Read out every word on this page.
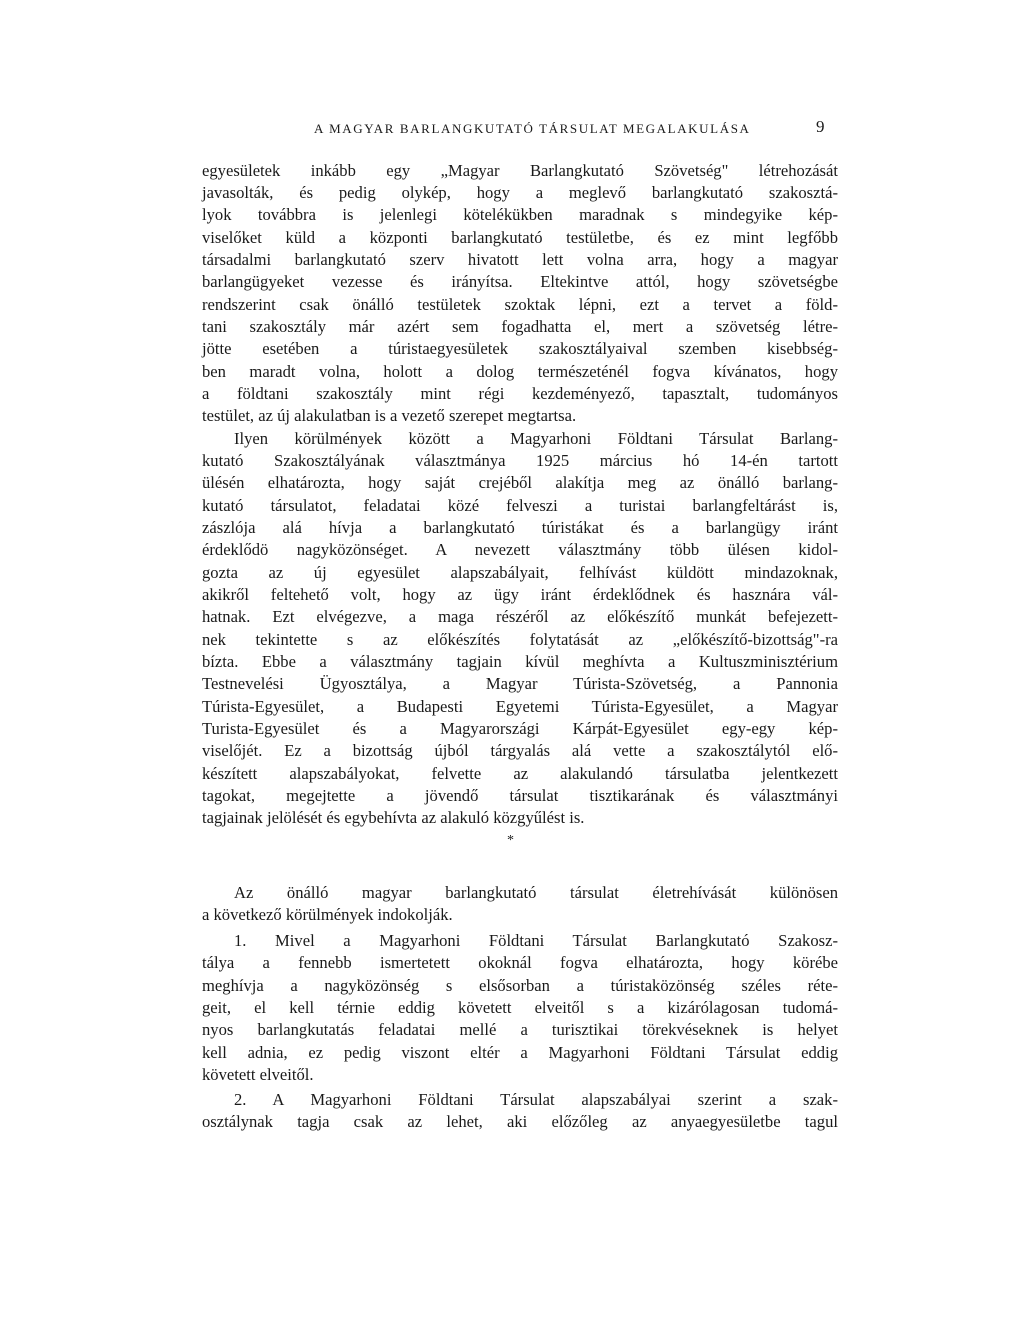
A MAGYAR BARLANGKUTATÓ TÁRSULAT MEGALAKULÁSA	9
egyesületek inkább egy „Magyar Barlangkutató Szövetség" létrehozását
javasolták, és pedig olykép, hogy a meglevő barlangkutató szakosztá-
lyok továbbra is jelenlegi kötelékükben maradnak s mindegyike kép-
viselőket küld a központi barlangkutató testületbe, és ez mint legfőbb
társadalmi barlangkutató szerv hivatott lett volna arra, hogy a magyar
barlangügyeket vezesse és irányítsa. Eltekintve attól, hogy szövetségbe
rendszerint csak önálló testületek szoktak lépni, ezt a tervet a föld-
tani szakosztály már azért sem fogadhatta el, mert a szövetség létre-
jötte esetében a túristaegyesületek szakosztályaival szemben kisebbség-
ben maradt volna, holott a dolog természeténél fogva kívánatos, hogy
a földtani szakosztály mint régi kezdeményező, tapasztalt, tudományos
testület, az új alakulatban is a vezető szerepet megtartsa.
Ilyen körülmények között a Magyarhoni Földtani Társulat Barlang-
kutató Szakosztályának választmánya 1925 március hó 14-én tartott
ülésén elhatározta, hogy saját crejéből alakítja meg az önálló barlang-
kutató társulatot, feladatai közé felveszi a turistai barlangfeltárást is,
zászlója alá hívja a barlangkutató túristákat és a barlangügy iránt
érdeklődö nagyközönséget. A nevezett választmány több ülésen kidol-
gozta az új egyesület alapszabályait, felhívást küldött mindazoknak,
akikről feltehető volt, hogy az ügy iránt érdeklődnek és hasznára vál-
hatnak. Ezt elvégezve, a maga részéről az előkészítő munkát befejezett-
nek tekintette s az előkészítés folytatását az „előkészítő-bizottság"-ra
bízta. Ebbe a választmány tagjain kívül meghívta a Kultuszminisztérium
Testnevelési Ügyosztálya, a Magyar Túrista-Szövetség, a Pannonia
Túrista-Egyesület, a Budapesti Egyetemi Túrista-Egyesület, a Magyar
Turista-Egyesület és a Magyarországi Kárpát-Egyesület egy-egy kép-
viselőjét. Ez a bizottság újból tárgyalás alá vette a szakosztálytól elő-
készített alapszabályokat, felvette az alakulandó társulatba jelentkezett
tagokat, megejtette a jövendő társulat tisztikarának és választmányi
tagjainak jelölését és egybehívta az alakuló közgyűlést is.
*
Az önálló magyar barlangkutató társulat életrehívását különösen
a következő körülmények indokolják.
1. Mivel a Magyarhoni Földtani Társulat Barlangkutató Szakosz-
tálya a fennebb ismertetett okoknál fogva elhatározta, hogy körébe
meghívja a nagyközönség s elsősorban a túristaközönség széles réte-
geit, el kell térnie eddig követett elveitől s a kizárólagosan tudomá-
nyos barlangkutatás feladatai mellé a turisztikai törekvéseknek is helyet
kell adnia, ez pedig viszont eltér a Magyarhoni Földtani Társulat eddig
követett elveitől.
2. A Magyarhoni Földtani Társulat alapszabályai szerint a szak-
osztálynak tagja csak az lehet, aki előzőleg az anyaegyesületbe tagul
